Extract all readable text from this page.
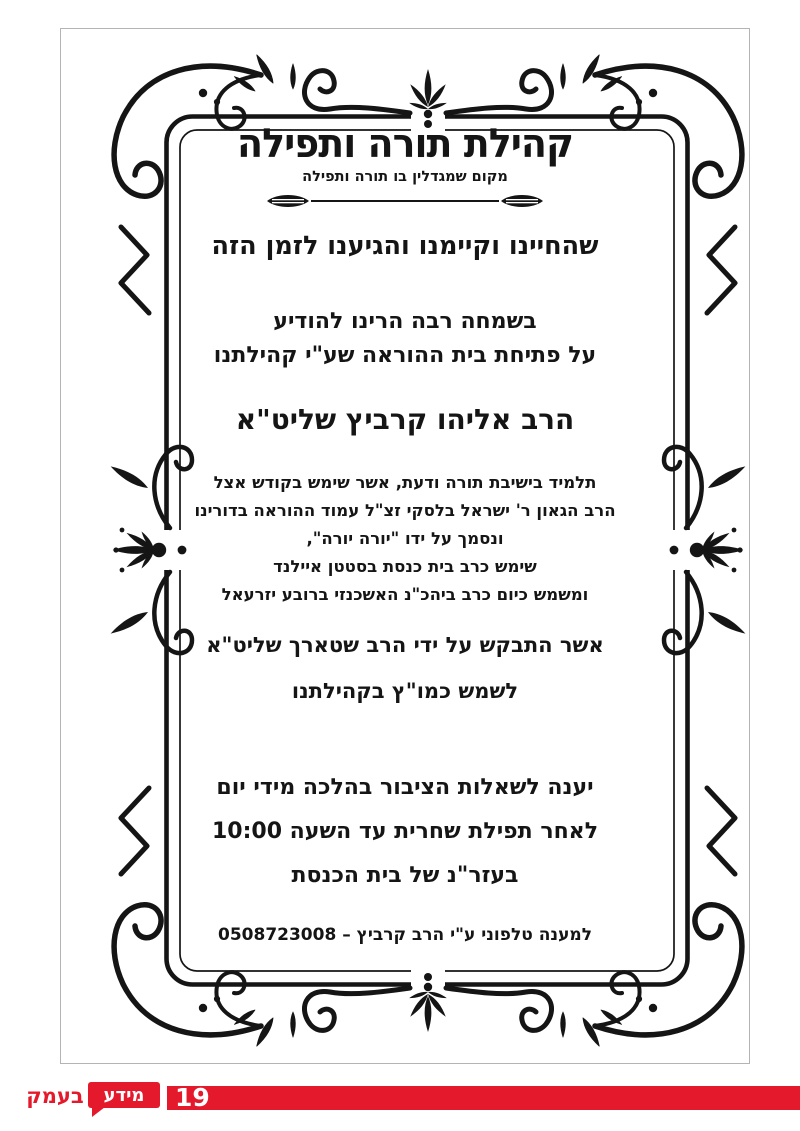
קהילת תורה ותפילה
מקום שמגדלין בו תורה ותפילה
שהחיינו וקיימנו והגיענו לזמן הזה
בשמחה רבה הרינו להודיע
על פתיחת בית ההוראה שע"י קהילתנו
הרב אליהו קרביץ שליט"א
תלמיד בישיבת תורה ודעת, אשר שימש בקודש אצל
הרב הגאון ר' ישראל בלסקי זצ"ל עמוד ההוראה בדורינו
ונסמך על ידו "יורה יורה",
שימש כרב בית כנסת בסטטן איילנד
ומשמש כיום כרב ביהכ"נ האשכנזי ברובע יזרעאל
אשר התבקש על ידי הרב שטארך שליט"א
לשמש כמו"ץ בקהילתנו
יענה לשאלות הציבור בהלכה מידי יום
לאחר תפילת שחרית עד השעה 10:00
בעזר"נ של בית הכנסת
למענה טלפוני ע"י הרב קרביץ – 0508723008
בעמק	מידע	19
